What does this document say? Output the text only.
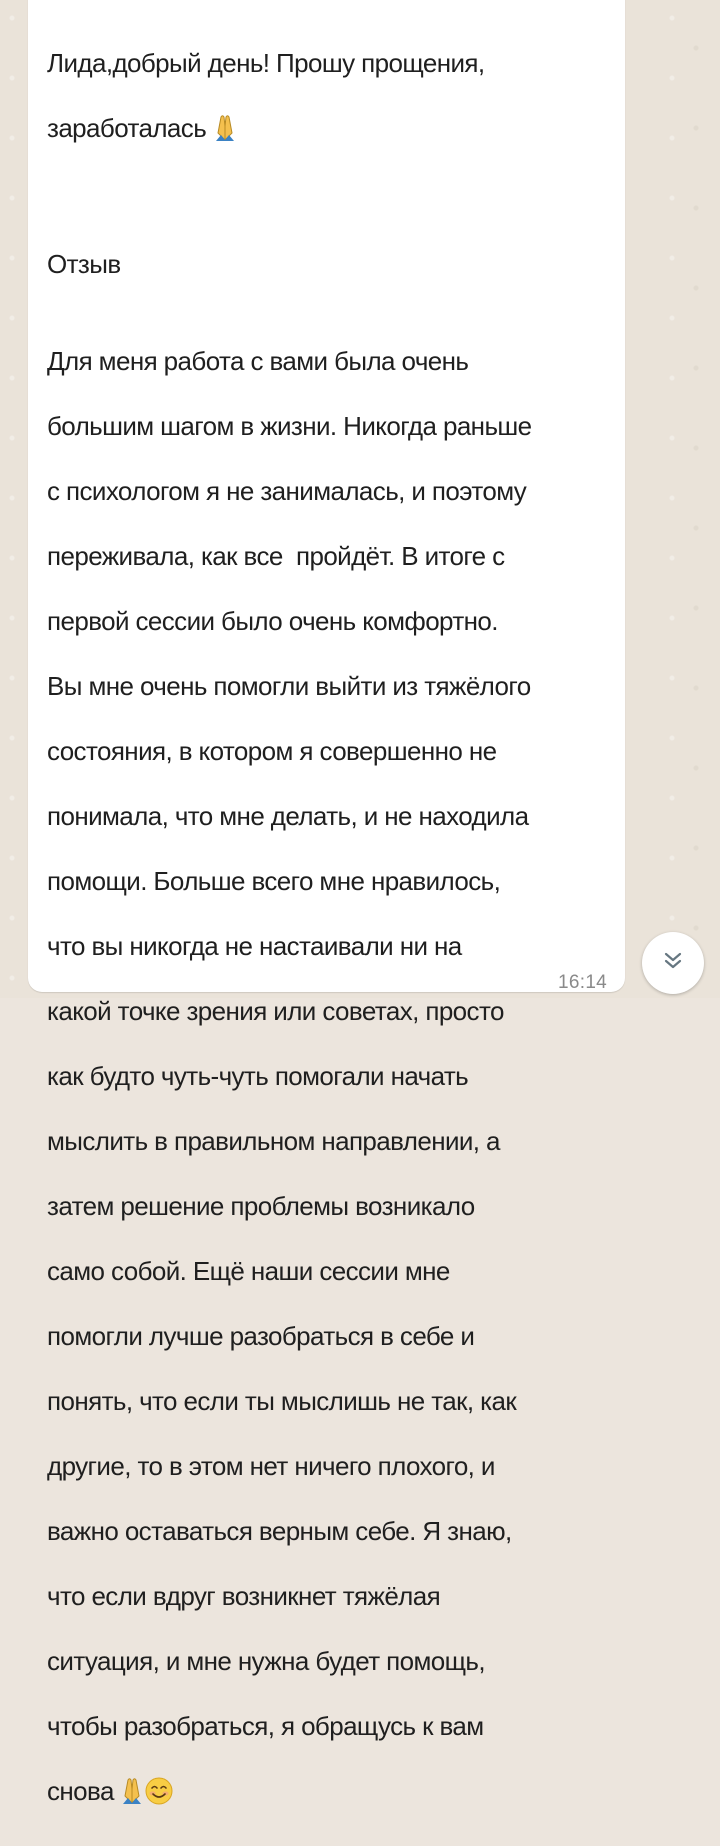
Лида,добрый день! Прошу прощения,

заработалась

Отзыв

Для меня работа с вами была очень

большим шагом в жизни. Никогда раньше

с психологом я не занималась, и поэтому

переживала, как все  пройдёт. В итоге с

первой сессии было очень комфортно.

Вы мне очень помогли выйти из тяжёлого

состояния, в котором я совершенно не

понимала, что мне делать, и не находила

помощи. Больше всего мне нравилось,

что вы никогда не настаивали ни на

какой точке зрения или советах, просто

как будто чуть-чуть помогали начать

мыслить в правильном направлении, а

затем решение проблемы возникало

само собой. Ещё наши сессии мне

помогли лучше разобраться в себе и

понять, что если ты мыслишь не так, как

другие, то в этом нет ничего плохого, и

важно оставаться верным себе. Я знаю,

что если вдруг возникнет тяжёлая

ситуация, и мне нужна будет помощь,

чтобы разобраться, я обращусь к вам

снова

16:14
